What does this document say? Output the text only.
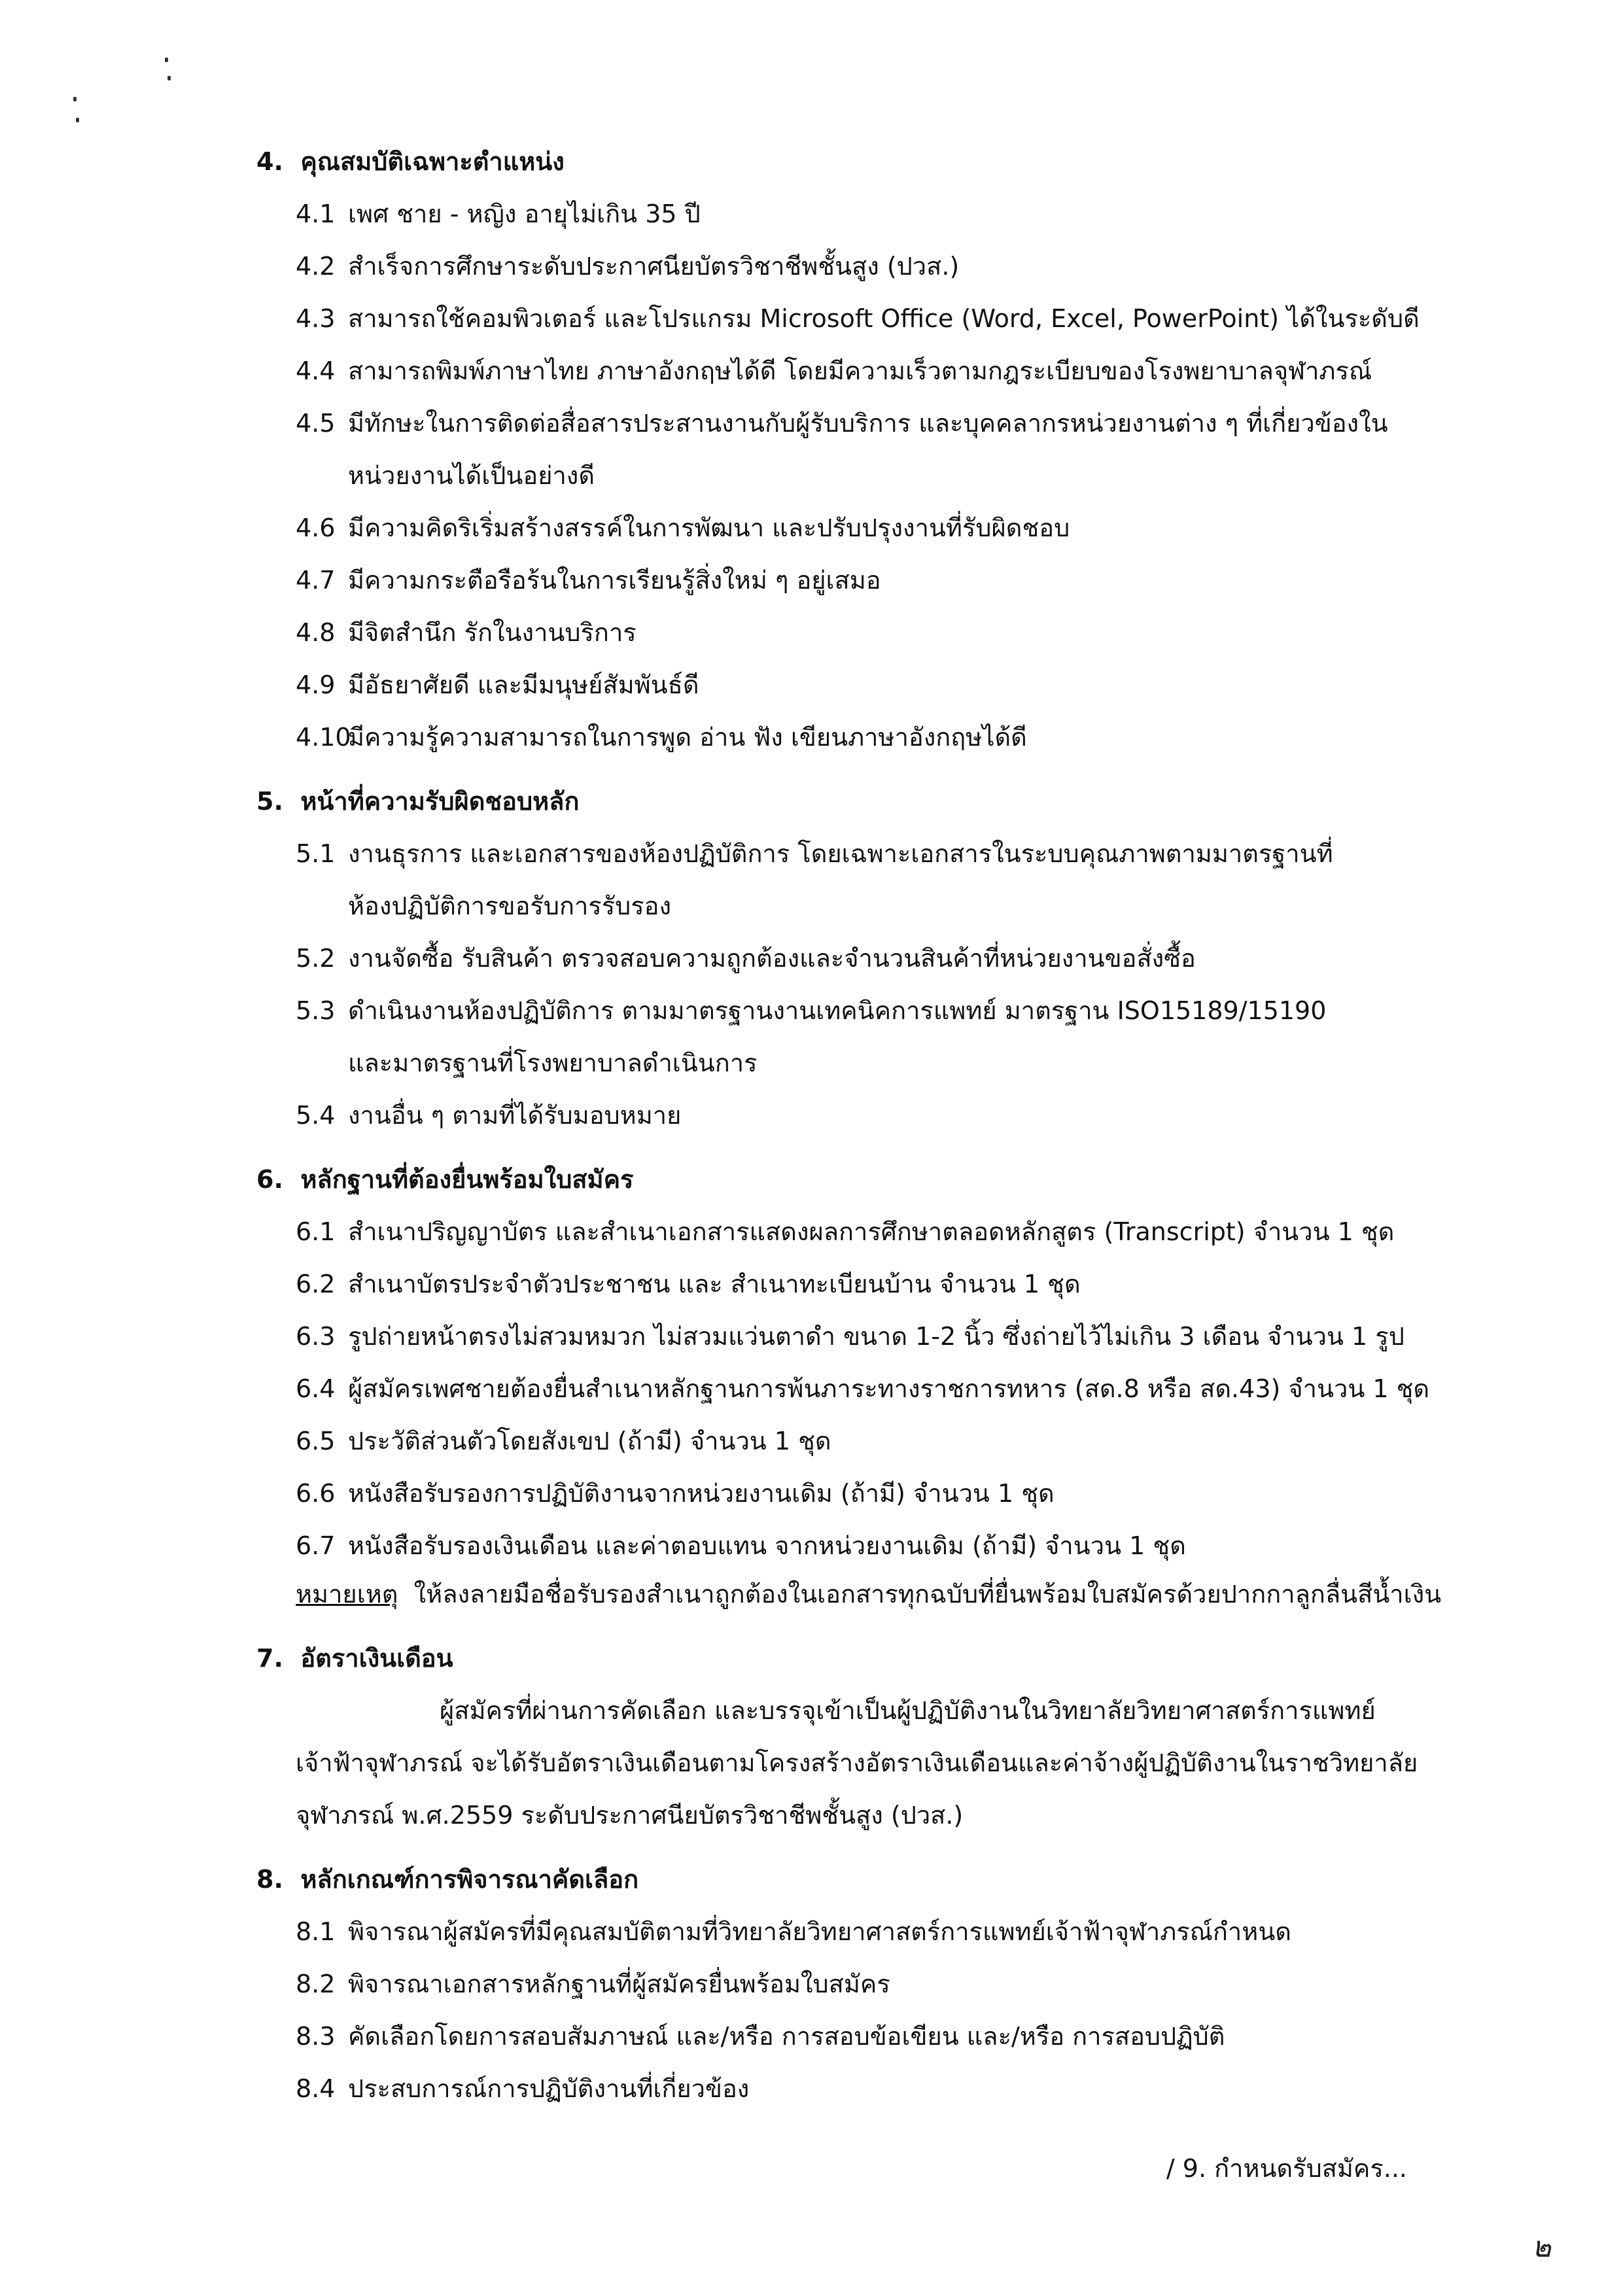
4. คุณสมบัติเฉพาะตำแหน่ง
4.1 เพศ ชาย - หญิง อายุไม่เกิน 35 ปี
4.2 สำเร็จการศึกษาระดับประกาศนียบัตรวิชาชีพชั้นสูง (ปวส.)
4.3 สามารถใช้คอมพิวเตอร์ และโปรแกรม Microsoft Office (Word, Excel, PowerPoint) ได้ในระดับดี
4.4 สามารถพิมพ์ภาษาไทย ภาษาอังกฤษได้ดี โดยมีความเร็วตามกฎระเบียบของโรงพยาบาลจุฬาภรณ์
4.5 มีทักษะในการติดต่อสื่อสารประสานงานกับผู้รับบริการ และบุคคลากรหน่วยงานต่าง ๆ ที่เกี่ยวข้องใน
หน่วยงานได้เป็นอย่างดี
4.6 มีความคิดริเริ่มสร้างสรรค์ในการพัฒนา และปรับปรุงงานที่รับผิดชอบ
4.7 มีความกระตือรือร้นในการเรียนรู้สิ่งใหม่ ๆ อยู่เสมอ
4.8 มีจิตสำนึก รักในงานบริการ
4.9 มีอัธยาศัยดี และมีมนุษย์สัมพันธ์ดี
4.10มีความรู้ความสามารถในการพูด อ่าน ฟัง เขียนภาษาอังกฤษได้ดี
5. หน้าที่ความรับผิดชอบหลัก
5.1 งานธุรการ และเอกสารของห้องปฏิบัติการ โดยเฉพาะเอกสารในระบบคุณภาพตามมาตรฐานที่
ห้องปฏิบัติการขอรับการรับรอง
5.2 งานจัดซื้อ รับสินค้า ตรวจสอบความถูกต้องและจำนวนสินค้าที่หน่วยงานขอสั่งซื้อ
5.3 ดำเนินงานห้องปฏิบัติการ ตามมาตรฐานงานเทคนิคการแพทย์ มาตรฐาน ISO15189/15190
และมาตรฐานที่โรงพยาบาลดำเนินการ
5.4 งานอื่น ๆ ตามที่ได้รับมอบหมาย
6. หลักฐานที่ต้องยื่นพร้อมใบสมัคร
6.1 สำเนาปริญญาบัตร และสำเนาเอกสารแสดงผลการศึกษาตลอดหลักสูตร (Transcript) จำนวน 1 ชุด
6.2 สำเนาบัตรประจำตัวประชาชน และ สำเนาทะเบียนบ้าน จำนวน 1 ชุด
6.3 รูปถ่ายหน้าตรงไม่สวมหมวก ไม่สวมแว่นตาดำ ขนาด 1-2 นิ้ว ซึ่งถ่ายไว้ไม่เกิน 3 เดือน จำนวน 1 รูป
6.4 ผู้สมัครเพศชายต้องยื่นสำเนาหลักฐานการพ้นภาระทางราชการทหาร (สด.8 หรือ สด.43) จำนวน 1 ชุด
6.5 ประวัติส่วนตัวโดยสังเขป (ถ้ามี) จำนวน 1 ชุด
6.6 หนังสือรับรองการปฏิบัติงานจากหน่วยงานเดิม (ถ้ามี) จำนวน 1 ชุด
6.7 หนังสือรับรองเงินเดือน และค่าตอบแทน จากหน่วยงานเดิม (ถ้ามี) จำนวน 1 ชุด
หมายเหตุ ให้ลงลายมือชื่อรับรองสำเนาถูกต้องในเอกสารทุกฉบับที่ยื่นพร้อมใบสมัครด้วยปากกาลูกลื่นสีน้ำเงิน
7. อัตราเงินเดือน
ผู้สมัครที่ผ่านการคัดเลือก และบรรจุเข้าเป็นผู้ปฏิบัติงานในวิทยาลัยวิทยาศาสตร์การแพทย์
เจ้าฟ้าจุฬาภรณ์ จะได้รับอัตราเงินเดือนตามโครงสร้างอัตราเงินเดือนและค่าจ้างผู้ปฏิบัติงานในราชวิทยาลัย
จุฬาภรณ์ พ.ศ.2559 ระดับประกาศนียบัตรวิชาชีพชั้นสูง (ปวส.)
8. หลักเกณฑ์การพิจารณาคัดเลือก
8.1 พิจารณาผู้สมัครที่มีคุณสมบัติตามที่วิทยาลัยวิทยาศาสตร์การแพทย์เจ้าฟ้าจุฬาภรณ์กำหนด
8.2 พิจารณาเอกสารหลักฐานที่ผู้สมัครยื่นพร้อมใบสมัคร
8.3 คัดเลือกโดยการสอบสัมภาษณ์ และ/หรือ การสอบข้อเขียน และ/หรือ การสอบปฏิบัติ
8.4 ประสบการณ์การปฏิบัติงานที่เกี่ยวข้อง
/ 9. กำหนดรับสมัคร...
๒
